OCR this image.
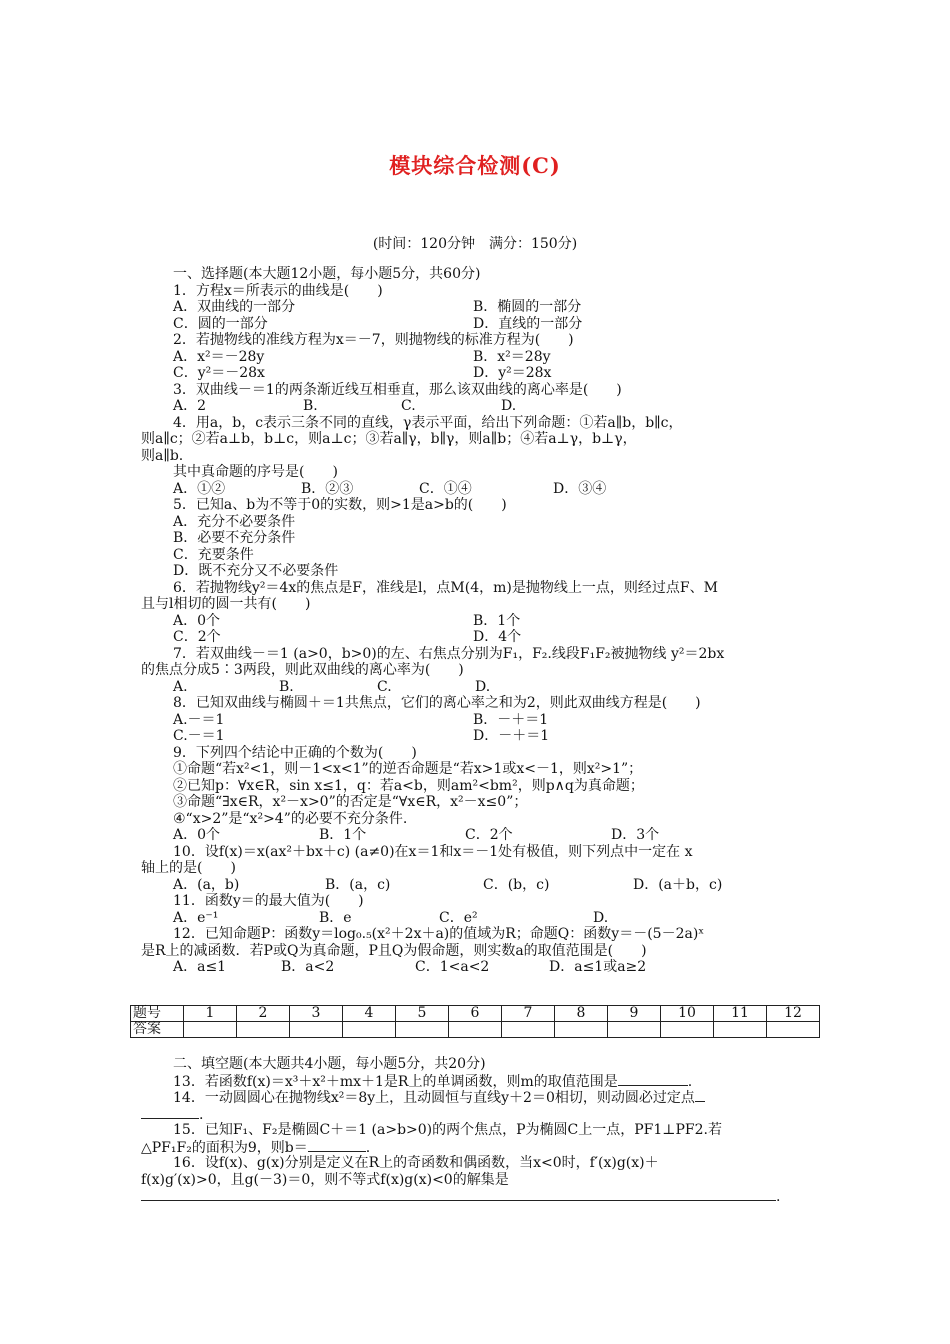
模块综合检测(C)
(时间：120分钟　满分：150分)
一、选择题(本大题12小题，每小题5分，共60分)
1．方程x＝所表示的曲线是(　　)
A．双曲线的一部分	B．椭圆的一部分
C．圆的一部分	D．直线的一部分
2．若抛物线的准线方程为x＝－7，则抛物线的标准方程为(　　)
A．x²＝－28y	B．x²＝28y
C．y²＝－28x	D．y²＝28x
3．双曲线－＝1的两条渐近线互相垂直，那么该双曲线的离心率是(　　)
A．2	B.	C.	D.
4．用a，b，c表示三条不同的直线，γ表示平面，给出下列命题：①若a∥b，b∥c，
则a∥c；②若a⊥b，b⊥c，则a⊥c；③若a∥γ，b∥γ，则a∥b；④若a⊥γ，b⊥γ，
则a∥b.
其中真命题的序号是(　　)
A．①②	B．②③	C．①④	D．③④
5．已知a、b为不等于0的实数，则>1是a>b的(　　)
A．充分不必要条件
B．必要不充分条件
C．充要条件
D．既不充分又不必要条件
6．若抛物线y²＝4x的焦点是F，准线是l，点M(4，m)是抛物线上一点，则经过点F、M
且与l相切的圆一共有(　　)
A．0个	B．1个
C．2个	D．4个
7．若双曲线－＝1 (a>0，b>0)的左、右焦点分别为F₁，F₂.线段F₁F₂被抛物线 y²＝2bx
的焦点分成5∶3两段，则此双曲线的离心率为(　　)
A.	B.	C.	D.
8．已知双曲线与椭圆＋＝1共焦点，它们的离心率之和为2，则此双曲线方程是(　　)
A.－＝1	B．－＋＝1
C.－＝1	D．－＋＝1
9．下列四个结论中正确的个数为(　　)
①命题“若x²<1，则－1<x<1”的逆否命题是“若x>1或x<－1，则x²>1”；
②已知p：∀x∈R，sin x≤1，q：若a<b，则am²<bm²，则p∧q为真命题；
③命题“∃x∈R，x²－x>0”的否定是“∀x∈R，x²－x≤0”；
④“x>2”是“x²>4”的必要不充分条件.
A．0个	B．1个	C．2个	D．3个
10．设f(x)＝x(ax²＋bx＋c) (a≠0)在x＝1和x＝－1处有极值，则下列点中一定在 x
轴上的是(　　)
A．(a，b)	B．(a，c)	C．(b，c)	D．(a＋b，c)
11．函数y＝的最大值为(　　)
A．e⁻¹	B．e	C．e²	D.
12．已知命题P：函数y＝log₀.₅(x²＋2x＋a)的值域为R；命题Q：函数y＝－(5－2a)ˣ
是R上的减函数．若P或Q为真命题，P且Q为假命题，则实数a的取值范围是(　　)
A．a≤1	B．a<2	C．1<a<2	D．a≤1或a≥2
题号	1	2	3	4	5	6	7	8	9	10	11	12
答案												
二、填空题(本大题共4小题，每小题5分，共20分)
13．若函数f(x)＝x³＋x²＋mx＋1是R上的单调函数，则m的取值范围是	.
14．一动圆圆心在抛物线x²＝8y上，且动圆恒与直线y＋2＝0相切，则动圆必过定点
.
15．已知F₁、F₂是椭圆C＋＝1 (a>b>0)的两个焦点，P为椭圆C上一点，PF1⊥PF2.若
△PF₁F₂的面积为9，则b＝	.
16．设f(x)、g(x)分别是定义在R上的奇函数和偶函数，当x<0时，f′(x)g(x)＋
f(x)g′(x)>0，且g(－3)＝0，则不等式f(x)g(x)<0的解集是
.
